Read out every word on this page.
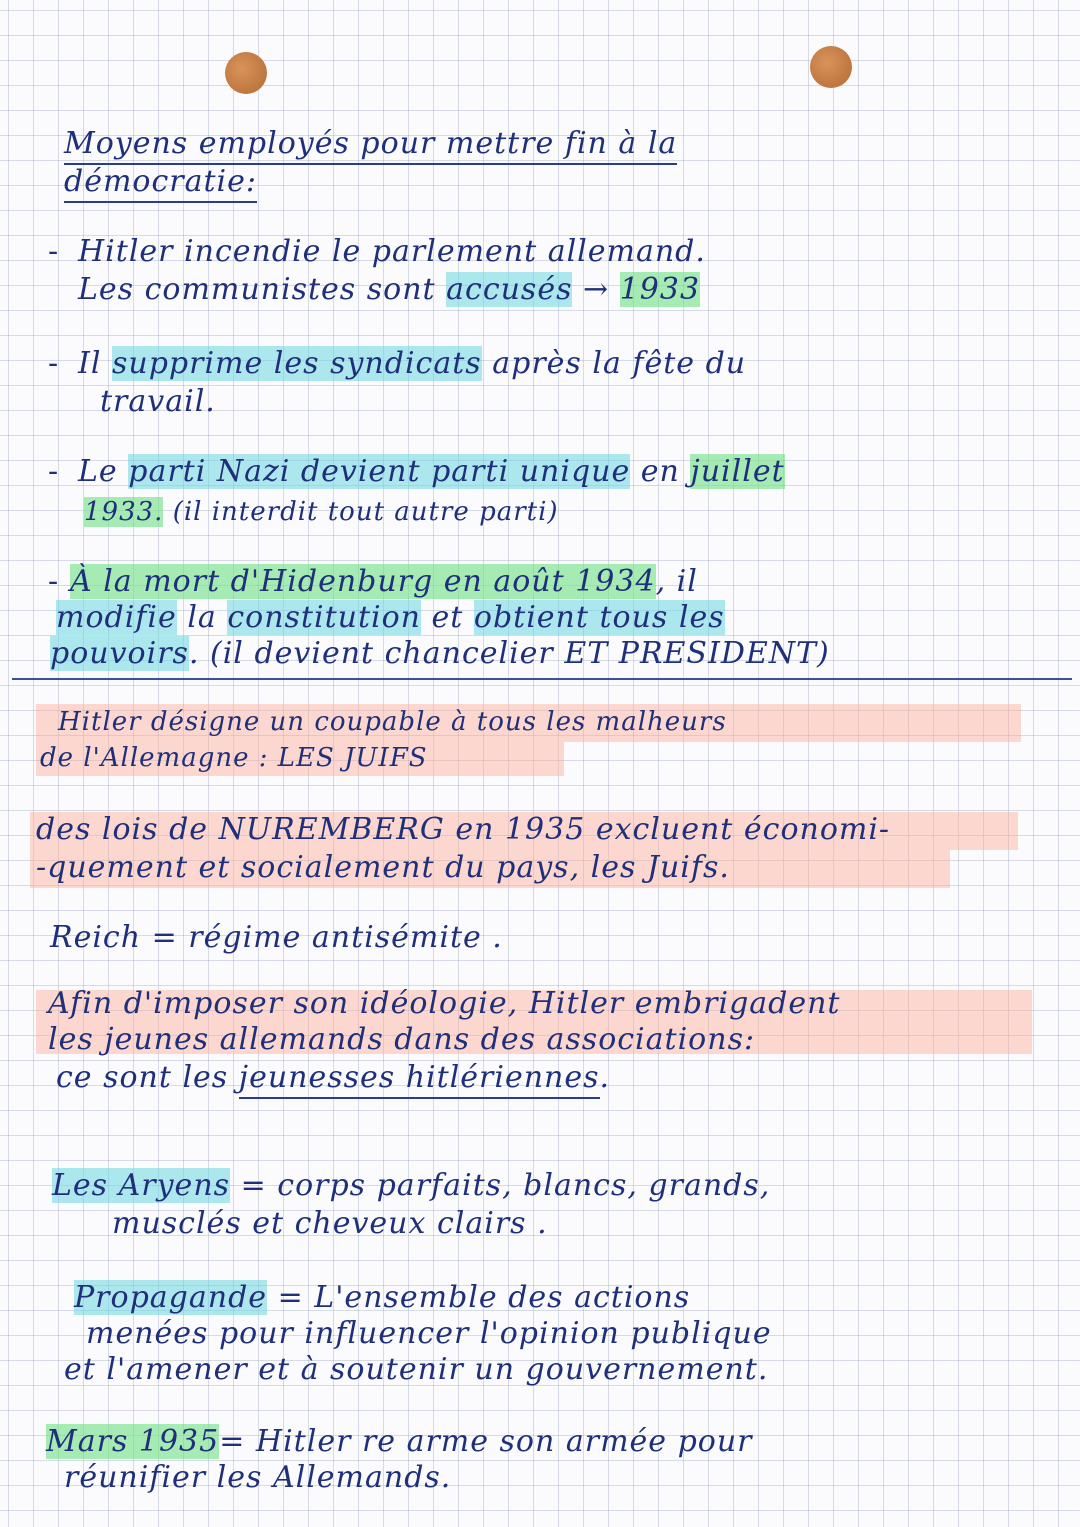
Moyens employés pour mettre fin à la
démocratie:
- Hitler incendie le parlement allemand.
Les communistes sont accusés → 1933
- Il supprime les syndicats après la fête du
travail.
- Le parti Nazi devient parti unique en juillet
1933. (il interdit tout autre parti)
- À la mort d'Hidenburg en août 1934, il
modifie la constitution et obtient tous les
pouvoirs. (il devient chancelier ET PRESIDENT)
Hitler désigne un coupable à tous les malheurs
de l'Allemagne : LES JUIFS
des lois de NUREMBERG en 1935 excluent économi-
-quement et socialement du pays, les Juifs.
Reich = régime antisémite .
Afin d'imposer son idéologie, Hitler embrigadent
les jeunes allemands dans des associations:
ce sont les jeunesses hitlériennes.
Les Aryens = corps parfaits, blancs, grands,
musclés et cheveux clairs .
Propagande = L'ensemble des actions
menées pour influencer l'opinion publique
et l'amener et à soutenir un gouvernement.
Mars 1935= Hitler re arme son armée pour
réunifier les Allemands.
